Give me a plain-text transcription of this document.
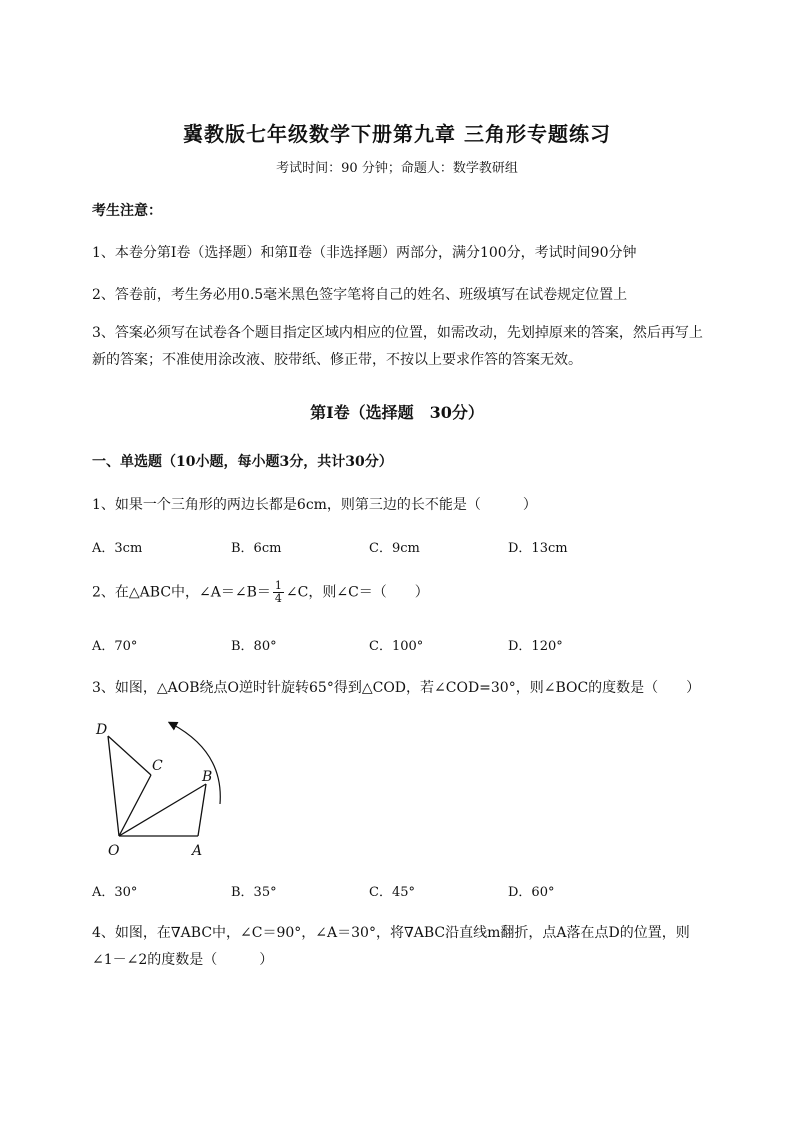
冀教版七年级数学下册第九章 三角形专题练习
考试时间：90 分钟；命题人：数学教研组
考生注意：
1、本卷分第Ⅰ卷（选择题）和第Ⅱ卷（非选择题）两部分，满分100分，考试时间90分钟
2、答卷前，考生务必用0.5毫米黑色签字笔将自己的姓名、班级填写在试卷规定位置上
3、答案必须写在试卷各个题目指定区域内相应的位置，如需改动，先划掉原来的答案，然后再写上新的答案；不准使用涂改液、胶带纸、修正带，不按以上要求作答的答案无效。
第Ⅰ卷（选择题　30分）
一、单选题（10小题，每小题3分，共计30分）
1、如果一个三角形的两边长都是6cm，则第三边的长不能是（　　　）
A．3cm	B．6cm	C．9cm	D．13cm
2、在△ABC中，∠A＝∠B＝ $\frac{1}{4}$ ∠C，则∠C＝（　　）
A．70°	B．80°	C．100°	D．120°
3、如图，△AOB绕点O逆时针旋转65°得到△COD，若∠COD=30°，则∠BOC的度数是（　　）
D
C
B
O	A
A．30°	B．35°	C．45°	D．60°
4、如图，在∇ABC中，∠C＝90°，∠A＝30°，将∇ABC沿直线m翻折，点A落在点D的位置，则
∠1－∠2的度数是（　　　）
